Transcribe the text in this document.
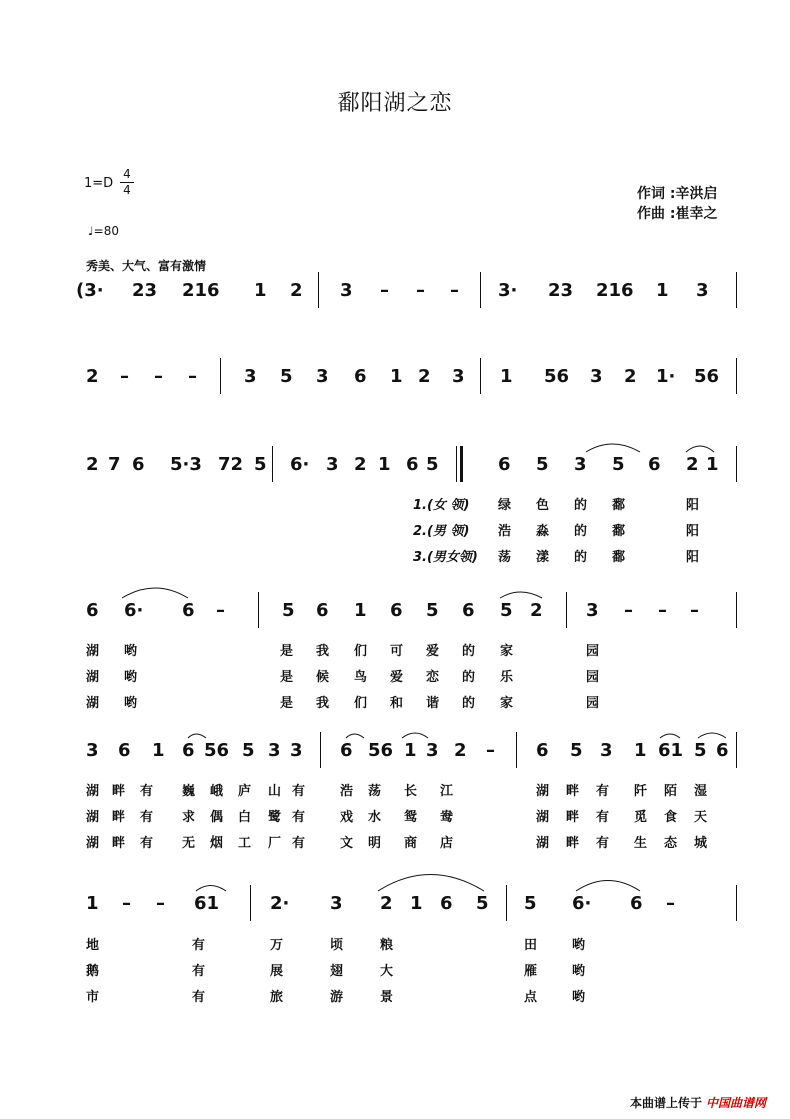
鄱阳湖之恋
1=D
4
4
♩=80
作词 :辛洪启
作曲 :崔幸之
秀美、大气、富有激情
(3· 23 216 1 2 3 – – – 3· 23 216 1 3
2 – – –	3 5 3 6 1 2 3 1 56 3 2 1· 56
2 7 6 5·3 72 5 6· 3 2 1 6 5	6 5 3 5 6 2 1
6 6· 6 –	5 6 1 6 5 6 5 2 3 – – –
3 6 1 6 56 5 3 3 6 56 1 3 2 – 6 5 3 1 61 5 6
1 – – 61	2· 3 2 1 6 5 5 6· 6 –
1.(女 领)
2.(男 领)
3.(男女领)
绿 色 的 鄱	阳
浩 淼 的 鄱	阳
荡 漾 的 鄱	阳
湖 哟	是 我 们 可 爱 的 家	园
湖 哟	是 候 鸟 爱 恋 的 乐	园
湖 哟	是 我 们 和 谐 的 家	园
湖 畔 有 巍 峨 庐 山 有	浩 荡 长 江	湖 畔 有 阡 陌 湿
湖 畔 有 求 偶 白 鹭 有	戏 水 鸳 鸯	湖 畔 有 觅 食 天
湖 畔 有 无 烟 工 厂 有	文 明 商 店	湖 畔 有 生 态 城
地	有	万	顷	粮	田	哟
鹅	有	展	翅	大	雁	哟
市	有	旅	游	景	点	哟
本曲谱上传于 中国曲谱网
